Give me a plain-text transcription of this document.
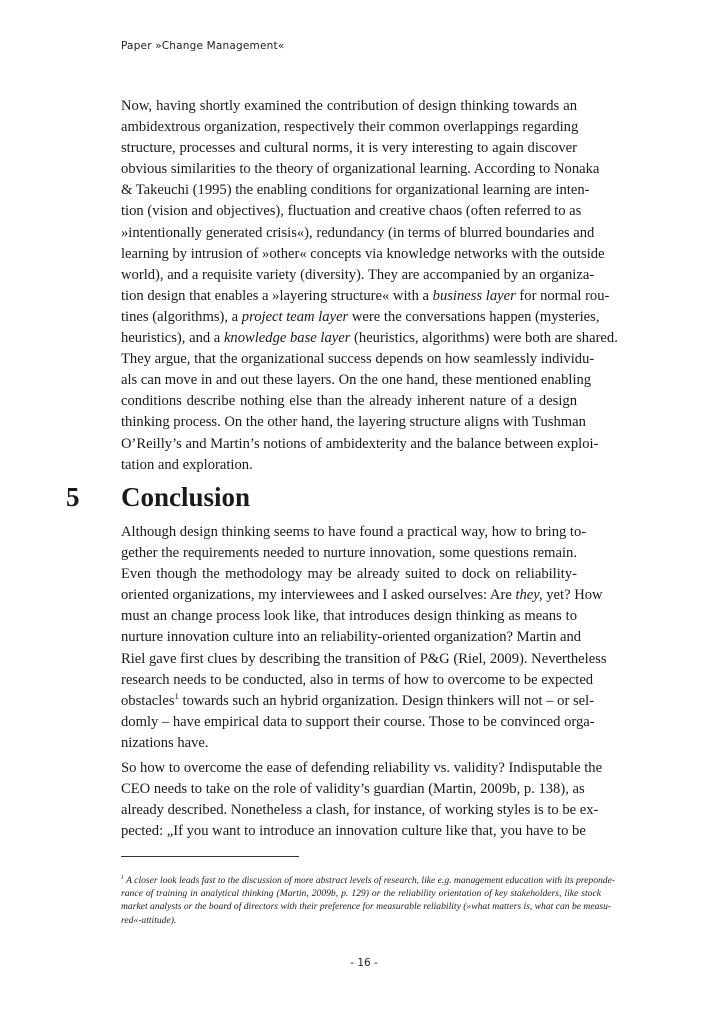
Paper »Change Management«
Now, having shortly examined the contribution of design thinking towards an
ambidextrous organization, respectively their common overlappings regarding
structure, processes and cultural norms, it is very interesting to again discover
obvious similarities to the theory of organizational learning. According to Nonaka
& Takeuchi (1995) the enabling conditions for organizational learning are inten-
tion (vision and objectives), fluctuation and creative chaos (often referred to as
»intentionally generated crisis«), redundancy (in terms of blurred boundaries and
learning by intrusion of »other« concepts via knowledge networks with the outside
world), and a requisite variety (diversity). They are accompanied by an organiza-
tion design that enables a »layering structure« with a business layer for normal rou-
tines (algorithms), a project team layer were the conversations happen (mysteries,
heuristics), and a knowledge base layer (heuristics, algorithms) were both are shared.
They argue, that the organizational success depends on how seamlessly individu-
als can move in and out these layers. On the one hand, these mentioned enabling
conditions describe nothing else than the already inherent nature of a design
thinking process. On the other hand, the layering structure aligns with Tushman
O’Reilly’s and Martin’s notions of ambidexterity and the balance between exploi-
tation and exploration.
5 Conclusion
Although design thinking seems to have found a practical way, how to bring to-
gether the requirements needed to nurture innovation, some questions remain.
Even though the methodology may be already suited to dock on reliability-
oriented organizations, my interviewees and I asked ourselves: Are they, yet? How
must an change process look like, that introduces design thinking as means to
nurture innovation culture into an reliability-oriented organization? Martin and
Riel gave first clues by describing the transition of P&G (Riel, 2009). Nevertheless
research needs to be conducted, also in terms of how to overcome to be expected
obstacles$^1$ towards such an hybrid organization. Design thinkers will not – or sel-
domly – have empirical data to support their course. Those to be convinced orga-
nizations have.
So how to overcome the ease of defending reliability vs. validity? Indisputable the
CEO needs to take on the role of validity’s guardian (Martin, 2009b, p. 138), as
already described. Nonetheless a clash, for instance, of working styles is to be ex-
pected: „If you want to introduce an innovation culture like that, you have to be
$^1$ A closer look leads fast to the discussion of more abstract levels of research, like e.g. management education with its preponde-
rance of training in analytical thinking (Martin, 2009b, p. 129) or the reliability orientation of key stakeholders, like stock
market analysts or the board of directors with their preference for measurable reliability (»what matters is, what can be measu-
red«-attitude).
- 16 -
